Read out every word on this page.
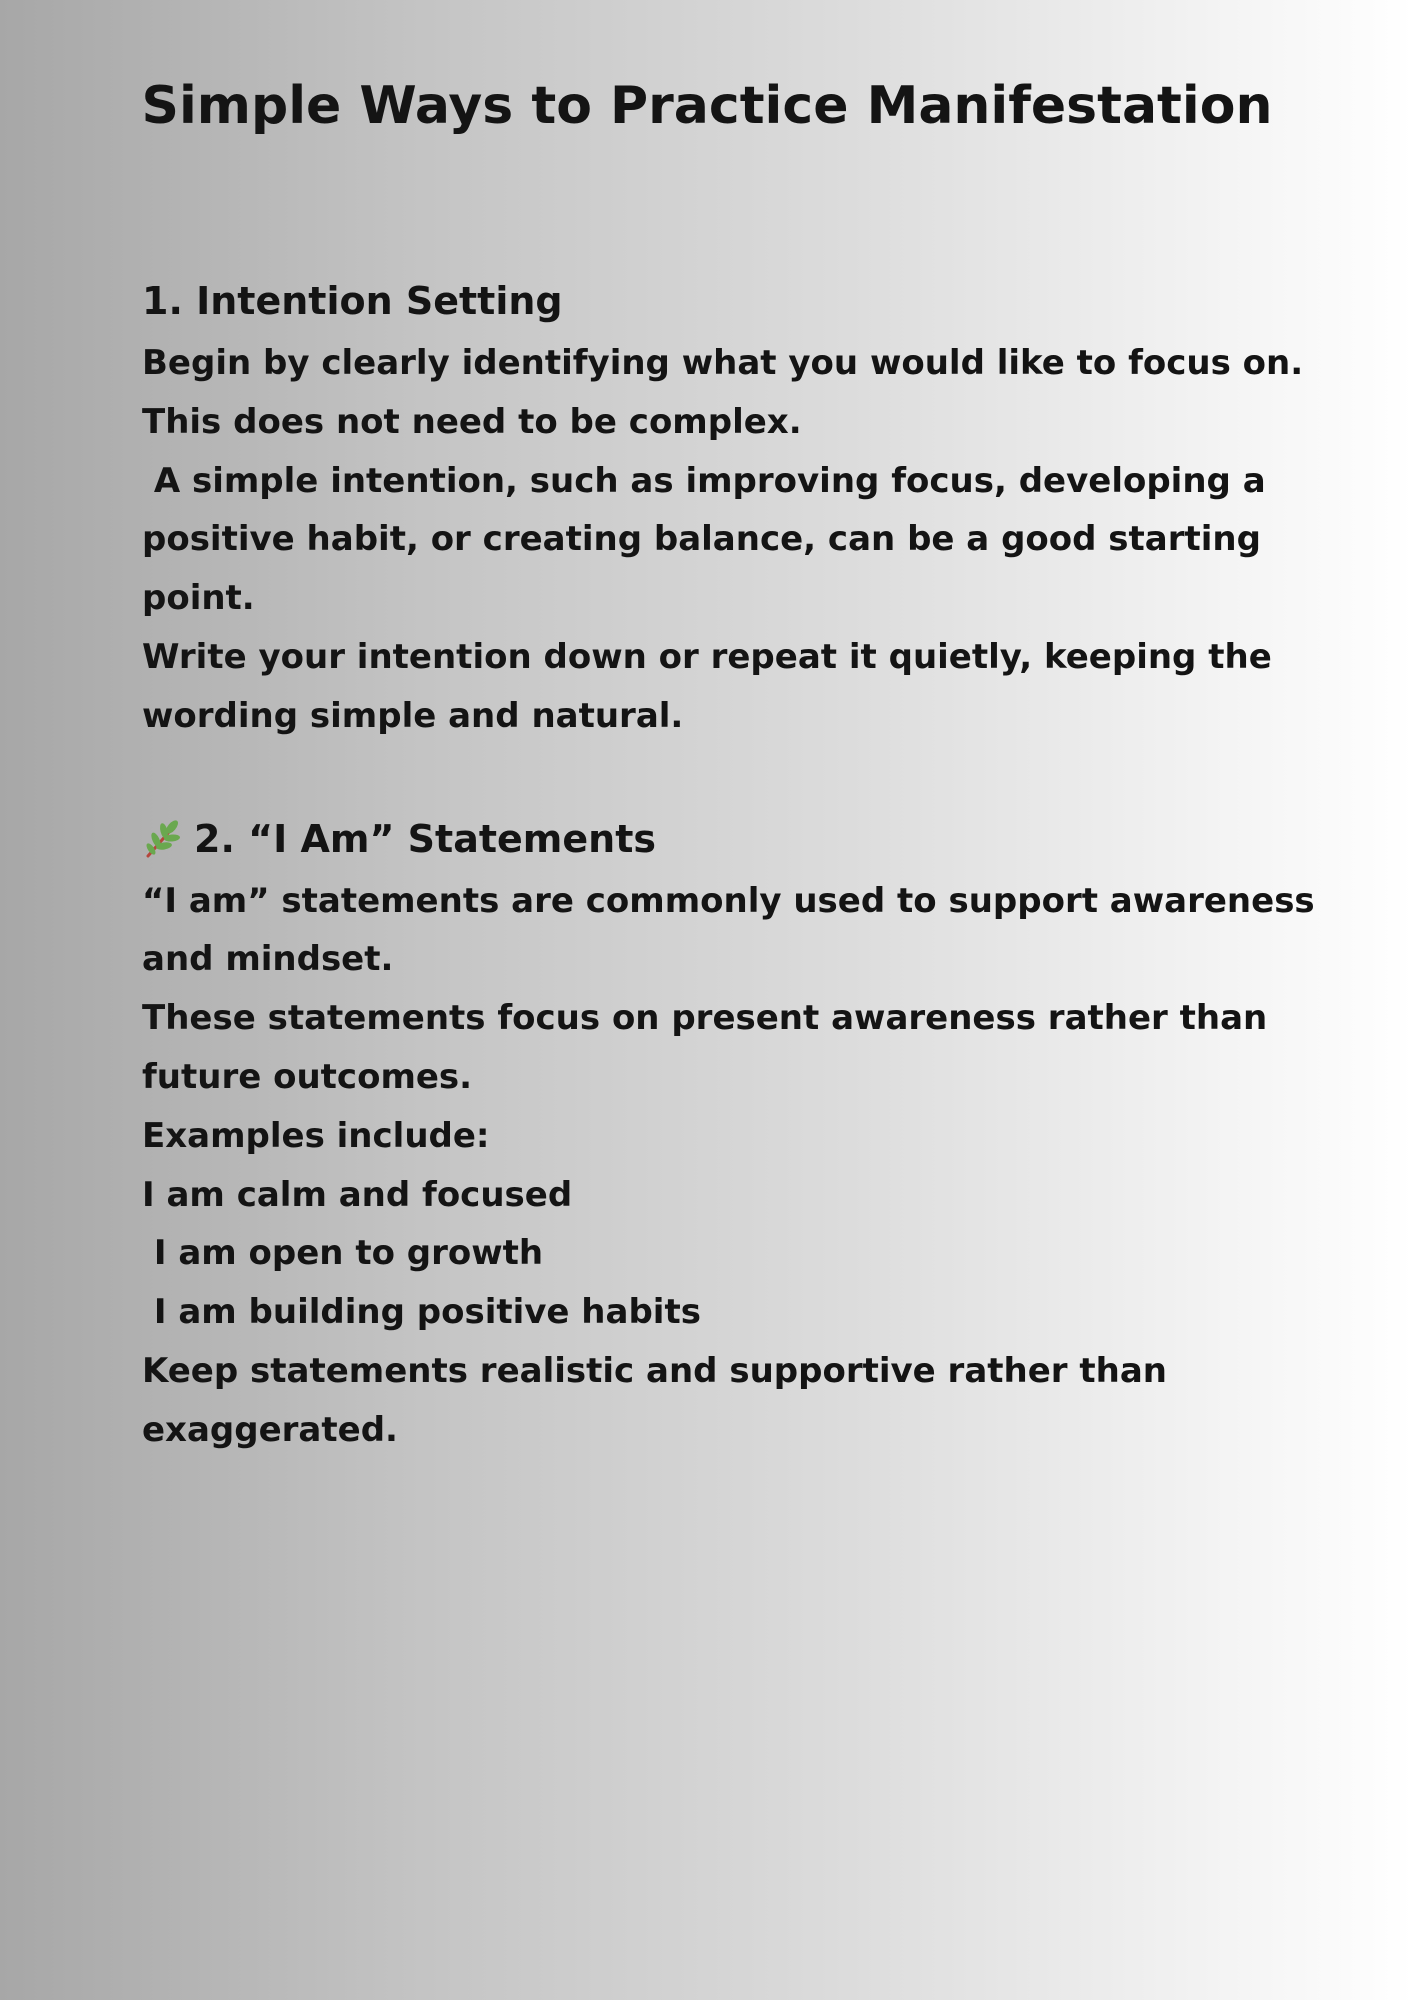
Simple Ways to Practice Manifestation
1. Intention Setting

Begin by clearly identifying what you would like to focus on.

This does not need to be complex.

A simple intention, such as improving focus, developing a

positive habit, or creating balance, can be a good starting

point.

Write your intention down or repeat it quietly, keeping the

wording simple and natural.

2. “I Am” Statements

“I am” statements are commonly used to support awareness

and mindset.

These statements focus on present awareness rather than

future outcomes.

Examples include:

I am calm and focused

I am open to growth

I am building positive habits

Keep statements realistic and supportive rather than

exaggerated.
